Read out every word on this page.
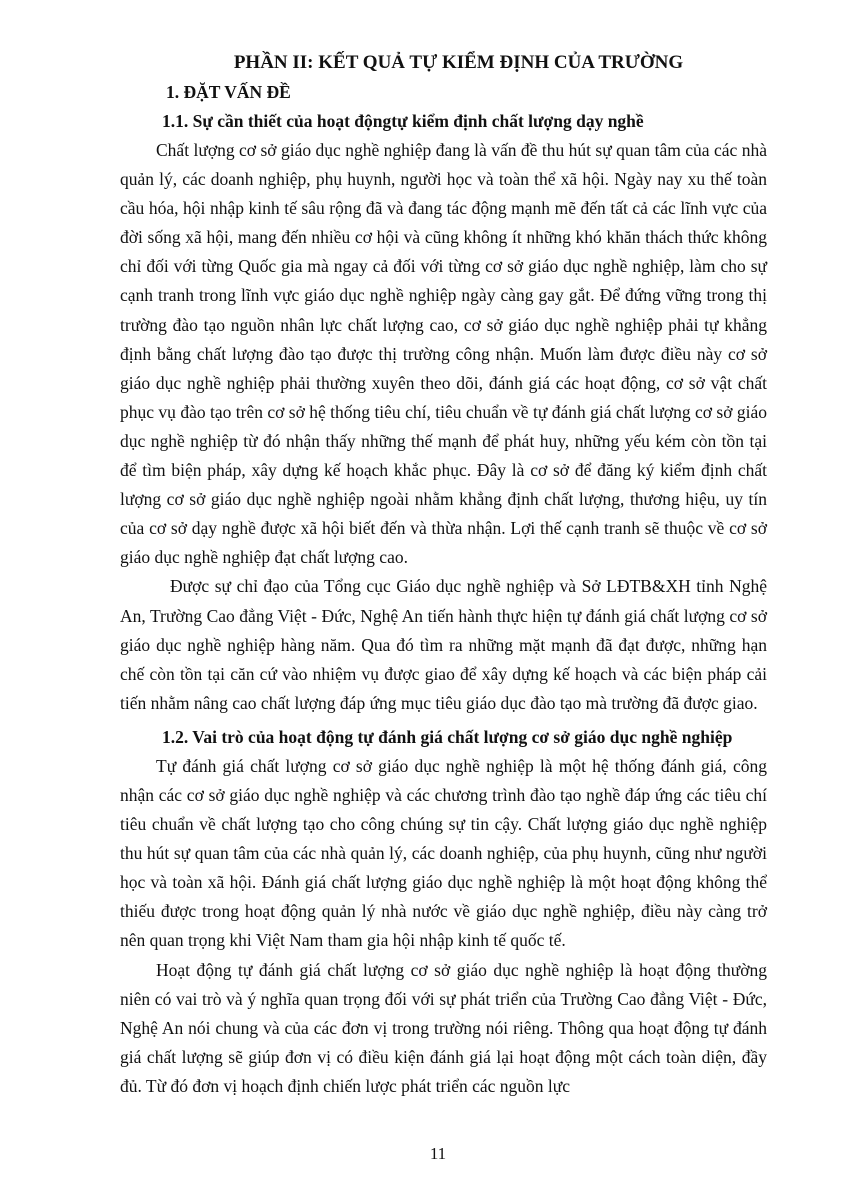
PHẦN II: KẾT QUẢ TỰ KIỂM ĐỊNH CỦA TRƯỜNG
1. ĐẶT VẤN ĐỀ
1.1. Sự cần thiết của hoạt độngtự kiểm định chất lượng dạy nghề

Chất lượng cơ sở giáo dục nghề nghiệp đang là vấn đề thu hút sự quan tâm của các nhà quản lý, các doanh nghiệp, phụ huynh, người học và toàn thể xã hội. Ngày nay xu thế toàn cầu hóa, hội nhập kinh tế sâu rộng đã và đang tác động mạnh mẽ đến tất cả các lĩnh vực của đời sống xã hội, mang đến nhiều cơ hội và cũng không ít những khó khăn thách thức không chỉ đối với từng Quốc gia mà ngay cả đối với từng cơ sở giáo dục nghề nghiệp, làm cho sự cạnh tranh trong lĩnh vực giáo dục nghề nghiệp ngày càng gay gắt. Để đứng vững trong thị trường đào tạo nguồn nhân lực chất lượng cao, cơ sở giáo dục nghề nghiệp phải tự khẳng định bằng chất lượng đào tạo được thị trường công nhận. Muốn làm được điều này cơ sở giáo dục nghề nghiệp phải thường xuyên theo dõi, đánh giá các hoạt động, cơ sở vật chất phục vụ đào tạo trên cơ sở hệ thống tiêu chí, tiêu chuẩn về tự đánh giá chất lượng cơ sở giáo dục nghề nghiệp từ đó nhận thấy những thế mạnh để phát huy, những yếu kém còn tồn tại để tìm biện pháp, xây dựng kế hoạch khắc phục. Đây là cơ sở để đăng ký kiểm định chất lượng cơ sở giáo dục nghề nghiệp ngoài nhằm khẳng định chất lượng, thương hiệu, uy tín của cơ sở dạy nghề được xã hội biết đến và thừa nhận. Lợi thế cạnh tranh sẽ thuộc về cơ sở giáo dục nghề nghiệp đạt chất lượng cao.

Được sự chỉ đạo của Tổng cục Giáo dục nghề nghiệp và Sở LĐTB&XH tỉnh Nghệ An, Trường Cao đẳng Việt - Đức, Nghệ An tiến hành thực hiện tự đánh giá chất lượng cơ sở giáo dục nghề nghiệp hàng năm. Qua đó tìm ra những mặt mạnh đã đạt được, những hạn chế còn tồn tại căn cứ vào nhiệm vụ được giao để xây dựng kế hoạch và các biện pháp cải tiến nhằm nâng cao chất lượng đáp ứng mục tiêu giáo dục đào tạo mà trường đã được giao.

1.2. Vai trò của hoạt động tự đánh giá chất lượng cơ sở giáo dục nghề nghiệp

Tự đánh giá chất lượng cơ sở giáo dục nghề nghiệp là một hệ thống đánh giá, công nhận các cơ sở giáo dục nghề nghiệp và các chương trình đào tạo nghề đáp ứng các tiêu chí tiêu chuẩn về chất lượng tạo cho công chúng sự tin cậy. Chất lượng giáo dục nghề nghiệp thu hút sự quan tâm của các nhà quản lý, các doanh nghiệp, của phụ huynh, cũng như người học và toàn xã hội. Đánh giá chất lượng giáo dục nghề nghiệp là một hoạt động không thể thiếu được trong hoạt động quản lý nhà nước về giáo dục nghề nghiệp, điều này càng trở nên quan trọng khi Việt Nam tham gia hội nhập kinh tế quốc tế.

Hoạt động tự đánh giá chất lượng cơ sở giáo dục nghề nghiệp là hoạt động thường niên có vai trò và ý nghĩa quan trọng đối với sự phát triển của Trường Cao đẳng Việt - Đức, Nghệ An nói chung và của các đơn vị trong trường nói riêng. Thông qua hoạt động tự đánh giá chất lượng sẽ giúp đơn vị có điều kiện đánh giá lại hoạt động một cách toàn diện, đầy đủ. Từ đó đơn vị hoạch định chiến lược phát triển các nguồn lực

11
